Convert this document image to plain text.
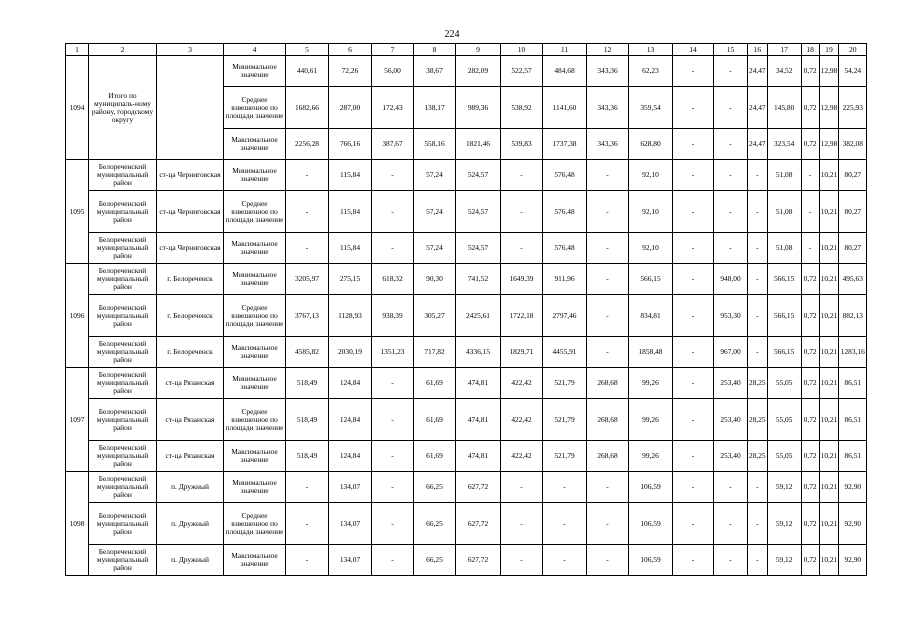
224
1	2	3	4	5	6	7	8	9	10	11	12	13	14	15	16	17	18	19	20
1094	Итого по муниципаль-ному району, городскому округу		Минимальное значение	440,61	72,26	56,00	38,67	282,09	522,57	484,68	343,36	62,23	-	-	24,47	34,52	0,72	12,98	54,24
			Среднее взвешенное по площади значение	1682,66	287,00	172,43	138,17	989,36	538,92	1141,60	343,36	359,54	-	-	24,47	145,80	0,72	12,98	225,93
			Максимальное значение	2256,28	766,16	387,67	558,16	1821,46	539,83	1737,38	343,36	628,80	-	-	24,47	323,54	0,72	12,98	382,08
1095	Белореченский муниципальный район	ст-ца Черниговская	Минимальное значение	-	115,84	-	57,24	524,57	-	576,48	-	92,10	-	-	-	51,08	-	10,21	80,27
	Белореченский муниципальный район	ст-ца Черниговская	Среднее взвешенное по площади значение	-	115,84	-	57,24	524,57	-	576,48	-	92,10	-	-	-	51,08	-	10,21	80,27
	Белореченский муниципальный район	ст-ца Черниговская	Максимальное значение	-	115,84	-	57,24	524,57	-	576,48	-	92,10	-	-	-	51,08	-	10,21	80,27
1096	Белореченский муниципальный район	г. Белореченск	Минимальное значение	3205,97	275,15	618,32	90,30	741,52	1649,39	911,96	-	566,15	-	948,00	-	566,15	0,72	10,21	495,63
	Белореченский муниципальный район	г. Белореченск	Среднее взвешенное по площади значение	3767,13	1128,93	938,39	305,27	2425,61	1722,18	2797,46	-	834,81	-	953,30	-	566,15	0,72	10,21	882,13
	Белореченский муниципальный район	г. Белореченск	Максимальное значение	4585,82	2030,19	1351,23	717,82	4336,15	1829,71	4455,91	-	1858,48	-	967,00	-	566,15	0,72	10,21	1283,16
1097	Белореченский муниципальный район	ст-ца Рязанская	Минимальное значение	518,49	124,84	-	61,69	474,81	422,42	521,79	268,68	99,26	-	253,40	28,25	55,05	0,72	10,21	86,51
	Белореченский муниципальный район	ст-ца Рязанская	Среднее взвешенное по площади значение	518,49	124,84	-	61,69	474,81	422,42	521,79	268,68	99,26	-	253,40	28,25	55,05	0,72	10,21	86,51
	Белореченский муниципальный район	ст-ца Рязанская	Максимальное значение	518,49	124,84	-	61,69	474,81	422,42	521,79	268,68	99,26	-	253,40	28,25	55,05	0,72	10,21	86,51
1098	Белореченский муниципальный район	п. Дружный	Минимальное значение	-	134,07	-	66,25	627,72	-	-	-	106,59	-	-	-	59,12	0,72	10,21	92,90
	Белореченский муниципальный район	п. Дружный	Среднее взвешенное по площади значение	-	134,07	-	66,25	627,72	-	-	-	106,59	-	-	-	59,12	0,72	10,21	92,90
	Белореченский муниципальный район	п. Дружный	Максимальное значение	-	134,07	-	66,25	627,72	-	-	-	106,59	-	-	-	59,12	0,72	10,21	92,90
